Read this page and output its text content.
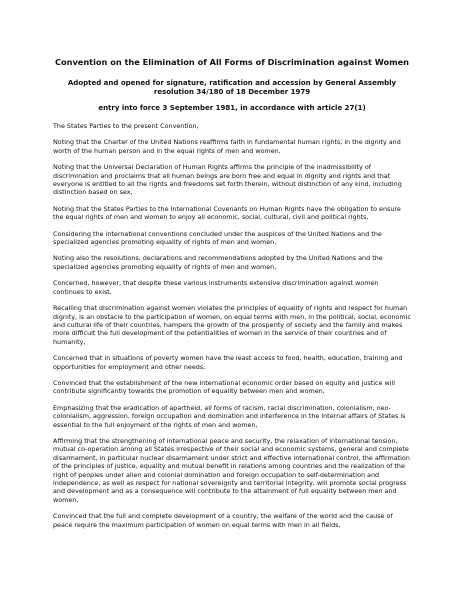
Convention on the Elimination of All Forms of Discrimination against Women
Adopted and opened for signature, ratification and accession by General Assembly
resolution 34/180 of 18 December 1979
entry into force 3 September 1981, in accordance with article 27(1)

The States Parties to the present Convention,

Noting that the Charter of the United Nations reaffirms faith in fundamental human rights, in the dignity and worth of the human person and in the equal rights of men and women,

Noting that the Universal Declaration of Human Rights affirms the principle of the inadmissibility of discrimination and proclaims that all human beings are born free and equal in dignity and rights and that everyone is entitled to all the rights and freedoms set forth therein, without distinction of any kind, including distinction based on sex,

Noting that the States Parties to the International Covenants on Human Rights have the obligation to ensure the equal rights of men and women to enjoy all economic, social, cultural, civil and political rights,

Considering the international conventions concluded under the auspices of the United Nations and the specialized agencies promoting equality of rights of men and women,

Noting also the resolutions, declarations and recommendations adopted by the United Nations and the specialized agencies promoting equality of rights of men and women,

Concerned, however, that despite these various instruments extensive discrimination against women continues to exist,

Recalling that discrimination against women violates the principles of equality of rights and respect for human dignity, is an obstacle to the participation of women, on equal terms with men, in the political, social, economic and cultural life of their countries, hampers the growth of the prosperity of society and the family and makes more difficult the full development of the potentialities of women in the service of their countries and of humanity,

Concerned that in situations of poverty women have the least access to food, health, education, training and opportunities for employment and other needs,

Convinced that the establishment of the new international economic order based on equity and justice will contribute significantly towards the promotion of equality between men and women,

Emphasizing that the eradication of apartheid, all forms of racism, racial discrimination, colonialism, neo-colonialism, aggression, foreign occupation and domination and interference in the internal affairs of States is essential to the full enjoyment of the rights of men and women,

Affirming that the strengthening of international peace and security, the relaxation of international tension, mutual co-operation among all States irrespective of their social and economic systems, general and complete disarmament, in particular nuclear disarmament under strict and effective international control, the affirmation of the principles of justice, equality and mutual benefit in relations among countries and the realization of the right of peoples under alien and colonial domination and foreign occupation to self-determination and independence, as well as respect for national sovereignty and territorial integrity, will promote social progress and development and as a consequence will contribute to the attainment of full equality between men and women,

Convinced that the full and complete development of a country, the welfare of the world and the cause of peace require the maximum participation of women on equal terms with men in all fields,
